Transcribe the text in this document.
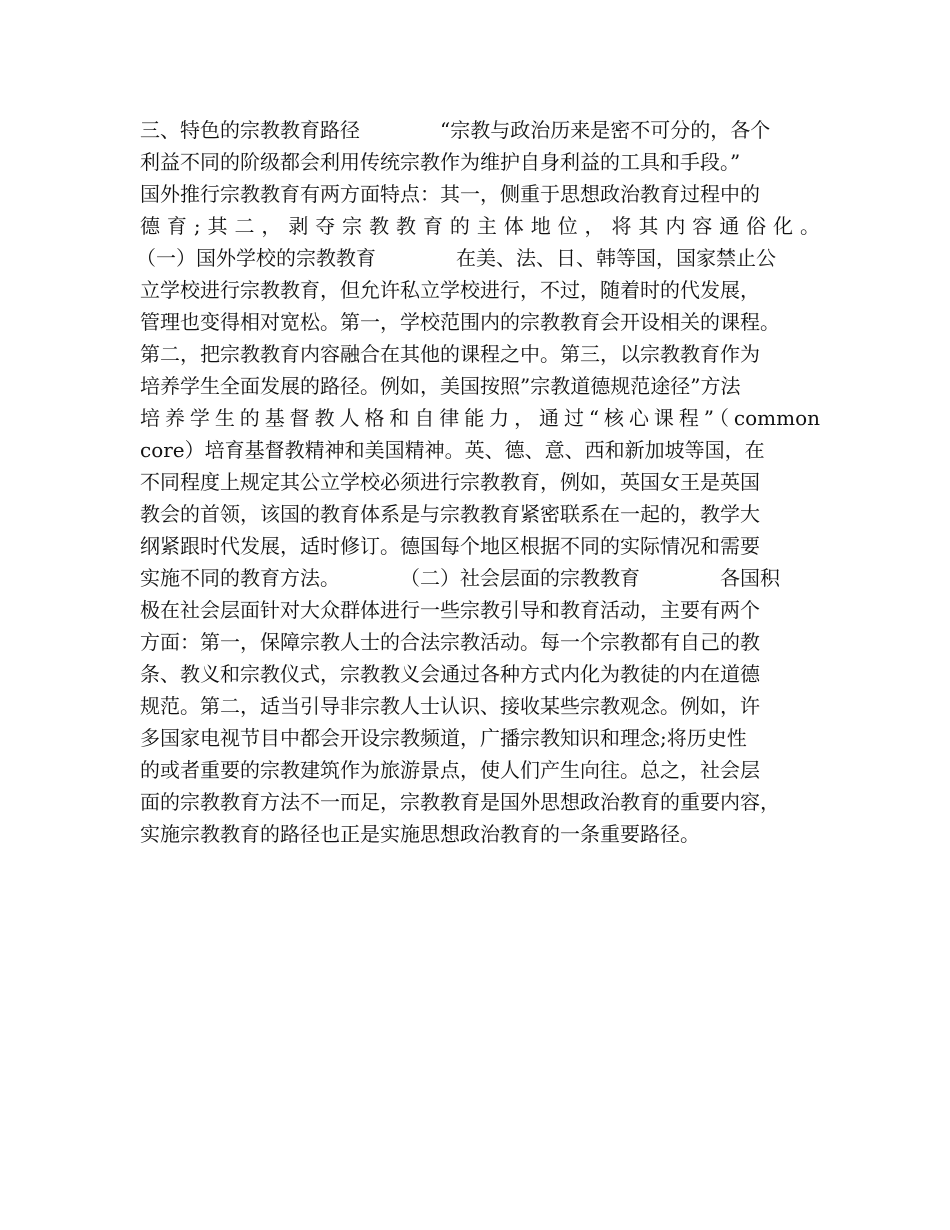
三、特色的宗教教育路径　　　　“宗教与政治历来是密不可分的，各个
利益不同的阶级都会利用传统宗教作为维护自身利益的工具和手段。”
国外推行宗教教育有两方面特点：其一，侧重于思想政治教育过程中的
德育;其二，剥夺宗教教育的主体地位，将其内容通俗化。
（一）国外学校的宗教教育　　　　在美、法、日、韩等国，国家禁止公
立学校进行宗教教育，但允许私立学校进行，不过，随着时的代发展，
管理也变得相对宽松。第一，学校范围内的宗教教育会开设相关的课程。
第二，把宗教教育内容融合在其他的课程之中。第三，以宗教教育作为
培养学生全面发展的路径。例如，美国按照”宗教道德规范途径”方法
培养学生的基督教人格和自律能力，通过“核心课程”（common
core）培育基督教精神和美国精神。英、德、意、西和新加坡等国，在
不同程度上规定其公立学校必须进行宗教教育，例如，英国女王是英国
教会的首领，该国的教育体系是与宗教教育紧密联系在一起的，教学大
纲紧跟时代发展，适时修订。德国每个地区根据不同的实际情况和需要
实施不同的教育方法。　　　　（二）社会层面的宗教教育　　　　各国积
极在社会层面针对大众群体进行一些宗教引导和教育活动，主要有两个
方面：第一，保障宗教人士的合法宗教活动。每一个宗教都有自己的教
条、教义和宗教仪式，宗教教义会通过各种方式内化为教徒的内在道德
规范。第二，适当引导非宗教人士认识、接收某些宗教观念。例如，许
多国家电视节目中都会开设宗教频道，广播宗教知识和理念;将历史性
的或者重要的宗教建筑作为旅游景点，使人们产生向往。总之，社会层
面的宗教教育方法不一而足，宗教教育是国外思想政治教育的重要内容，
实施宗教教育的路径也正是实施思想政治教育的一条重要路径。
